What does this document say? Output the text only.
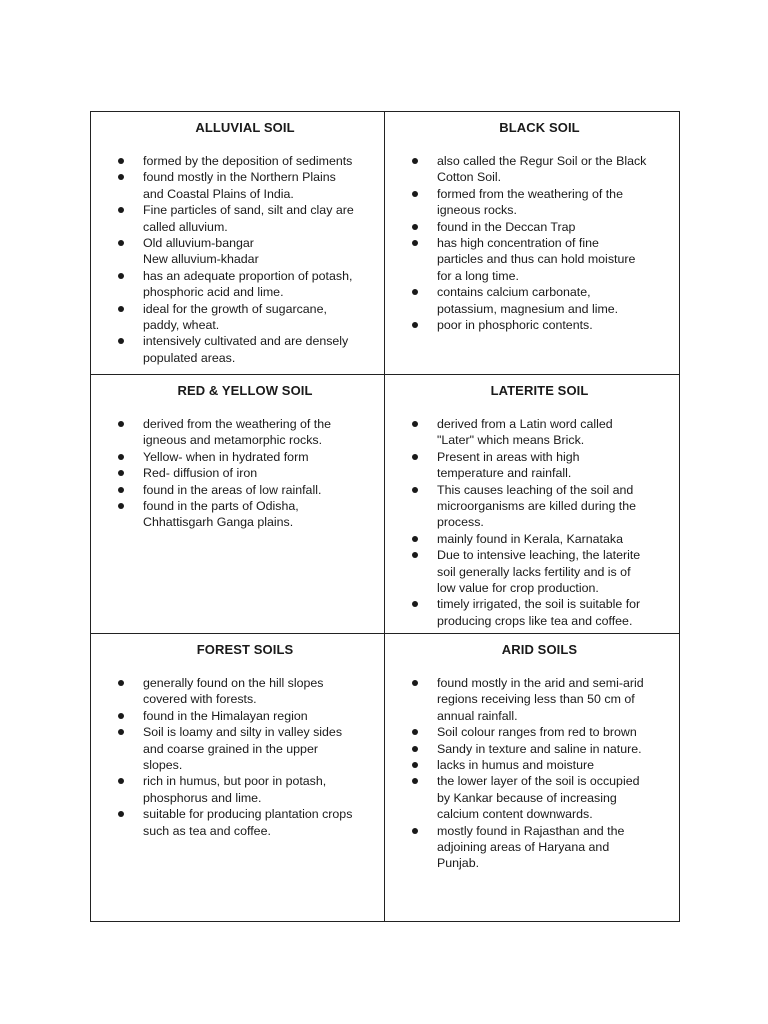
ALLUVIAL SOIL
formed by the deposition of sediments
found mostly in the Northern Plains
and Coastal Plains of India.
Fine particles of sand, silt and clay are
called alluvium.
Old alluvium-bangar
New alluvium-khadar
has an adequate proportion of potash,
phosphoric acid and lime.
ideal for the growth of sugarcane,
paddy, wheat.
intensively cultivated and are densely
populated areas.
BLACK SOIL
also called the Regur Soil or the Black
Cotton Soil.
formed from the weathering of the
igneous rocks.
found in the Deccan Trap
has high concentration of fine
particles and thus can hold moisture
for a long time.
contains calcium carbonate,
potassium, magnesium and lime.
poor in phosphoric contents.
RED & YELLOW SOIL
derived from the weathering of the
igneous and metamorphic rocks.
Yellow- when in hydrated form
Red- diffusion of iron
found in the areas of low rainfall.
found in the parts of Odisha,
Chhattisgarh Ganga plains.
LATERITE SOIL
derived from a Latin word called
"Later" which means Brick.
Present in areas with high
temperature and rainfall.
This causes leaching of the soil and
microorganisms are killed during the
process.
mainly found in Kerala, Karnataka
Due to intensive leaching, the laterite
soil generally lacks fertility and is of
low value for crop production.
timely irrigated, the soil is suitable for
producing crops like tea and coffee.
FOREST SOILS
generally found on the hill slopes
covered with forests.
found in the Himalayan region
Soil is loamy and silty in valley sides
and coarse grained in the upper
slopes.
rich in humus, but poor in potash,
phosphorus and lime.
suitable for producing plantation crops
such as tea and coffee.
ARID SOILS
found mostly in the arid and semi-arid
regions receiving less than 50 cm of
annual rainfall.
Soil colour ranges from red to brown
Sandy in texture and saline in nature.
lacks in humus and moisture
the lower layer of the soil is occupied
by Kankar because of increasing
calcium content downwards.
mostly found in Rajasthan and the
adjoining areas of Haryana and
Punjab.
